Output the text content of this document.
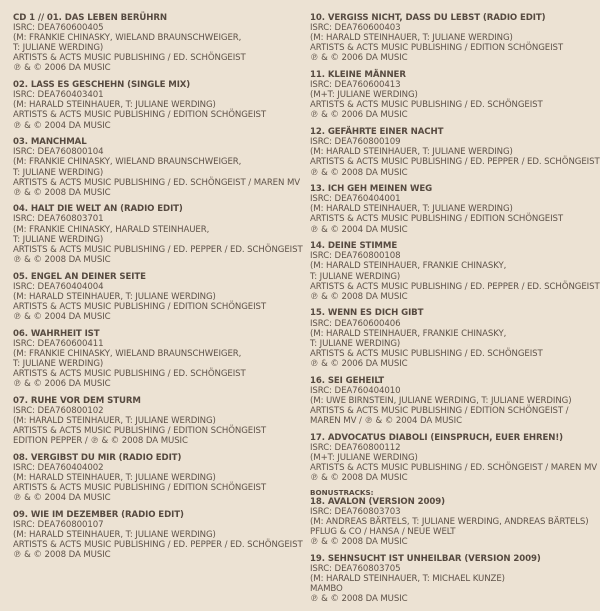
CD 1 // 01. DAS LEBEN BERÜHRN
ISRC: DEA760600405
(M: FRANKIE CHINASKY, WIELAND BRAUNSCHWEIGER,
T: JULIANE WERDING)
ARTISTS & ACTS MUSIC PUBLISHING / ED. SCHÖNGEIST
℗ & © 2006 DA MUSIC
02. LASS ES GESCHEHN (SINGLE MIX)
ISRC: DEA760403401
(M: HARALD STEINHAUER, T: JULIANE WERDING)
ARTISTS & ACTS MUSIC PUBLISHING / EDITION SCHÖNGEIST
℗ & © 2004 DA MUSIC
03. MANCHMAL
ISRC: DEA760800104
(M: FRANKIE CHINASKY, WIELAND BRAUNSCHWEIGER,
T: JULIANE WERDING)
ARTISTS & ACTS MUSIC PUBLISHING / ED. SCHÖNGEIST / MAREN MV
℗ & © 2008 DA MUSIC
04. HALT DIE WELT AN (RADIO EDIT)
ISRC: DEA760803701
(M: FRANKIE CHINASKY, HARALD STEINHAUER,
T: JULIANE WERDING)
ARTISTS & ACTS MUSIC PUBLISHING / ED. PEPPER / ED. SCHÖNGEIST
℗ & © 2008 DA MUSIC
05. ENGEL AN DEINER SEITE
ISRC: DEA760404004
(M: HARALD STEINHAUER, T: JULIANE WERDING)
ARTISTS & ACTS MUSIC PUBLISHING / EDITION SCHÖNGEIST
℗ & © 2004 DA MUSIC
06. WAHRHEIT IST
ISRC: DEA760600411
(M: FRANKIE CHINASKY, WIELAND BRAUNSCHWEIGER,
T: JULIANE WERDING)
ARTISTS & ACTS MUSIC PUBLISHING / ED. SCHÖNGEIST
℗ & © 2006 DA MUSIC
07. RUHE VOR DEM STURM
ISRC: DEA760800102
(M: HARALD STEINHAUER, T: JULIANE WERDING)
ARTISTS & ACTS MUSIC PUBLISHING / EDITION SCHÖNGEIST
EDITION PEPPER / ℗ & © 2008 DA MUSIC
08. VERGIBST DU MIR (RADIO EDIT)
ISRC: DEA760404002
(M: HARALD STEINHAUER, T: JULIANE WERDING)
ARTISTS & ACTS MUSIC PUBLISHING / EDITION SCHÖNGEIST
℗ & © 2004 DA MUSIC
09. WIE IM DEZEMBER (RADIO EDIT)
ISRC: DEA760800107
(M: HARALD STEINHAUER, T: JULIANE WERDING)
ARTISTS & ACTS MUSIC PUBLISHING / ED. PEPPER / ED. SCHÖNGEIST
℗ & © 2008 DA MUSIC
10. VERGISS NICHT, DASS DU LEBST (RADIO EDIT)
ISRC: DEA760600403
(M: HARALD STEINHAUER, T: JULIANE WERDING)
ARTISTS & ACTS MUSIC PUBLISHING / EDITION SCHÖNGEIST
℗ & © 2006 DA MUSIC
11. KLEINE MÄNNER
ISRC: DEA760600413
(M+T: JULIANE WERDING)
ARTISTS & ACTS MUSIC PUBLISHING / ED. SCHÖNGEIST
℗ & © 2006 DA MUSIC
12. GEFÄHRTE EINER NACHT
ISRC: DEA760800109
(M: HARALD STEINHAUER, T: JULIANE WERDING)
ARTISTS & ACTS MUSIC PUBLISHING / ED. PEPPER / ED. SCHÖNGEIST
℗ & © 2008 DA MUSIC
13. ICH GEH MEINEN WEG
ISRC: DEA760404001
(M: HARALD STEINHAUER, T: JULIANE WERDING)
ARTISTS & ACTS MUSIC PUBLISHING / EDITION SCHÖNGEIST
℗ & © 2004 DA MUSIC
14. DEINE STIMME
ISRC: DEA760800108
(M: HARALD STEINHAUER, FRANKIE CHINASKY,
T: JULIANE WERDING)
ARTISTS & ACTS MUSIC PUBLISHING / ED. PEPPER / ED. SCHÖNGEIST
℗ & © 2008 DA MUSIC
15. WENN ES DICH GIBT
ISRC: DEA760600406
(M: HARALD STEINHAUER, FRANKIE CHINASKY,
T: JULIANE WERDING)
ARTISTS & ACTS MUSIC PUBLISHING / ED. SCHÖNGEIST
℗ & © 2006 DA MUSIC
16. SEI GEHEILT
ISRC: DEA760404010
(M: UWE BIRNSTEIN, JULIANE WERDING, T: JULIANE WERDING)
ARTISTS & ACTS MUSIC PUBLISHING / EDITION SCHÖNGEIST /
MAREN MV / ℗ & © 2004 DA MUSIC
17. ADVOCATUS DIABOLI (EINSPRUCH, EUER EHREN!)
ISRC: DEA760800112
(M+T: JULIANE WERDING)
ARTISTS & ACTS MUSIC PUBLISHING / ED. SCHÖNGEIST / MAREN MV
℗ & © 2008 DA MUSIC
BONUSTRACKS:
18. AVALON (VERSION 2009)
ISRC: DEA760803703
(M: ANDREAS BÄRTELS, T: JULIANE WERDING, ANDREAS BÄRTELS)
PFLUG & CO / HANSA / NEUE WELT
℗ & © 2008 DA MUSIC
19. SEHNSUCHT IST UNHEILBAR (VERSION 2009)
ISRC: DEA760803705
(M: HARALD STEINHAUER, T: MICHAEL KUNZE)
MAMBO
℗ & © 2008 DA MUSIC
